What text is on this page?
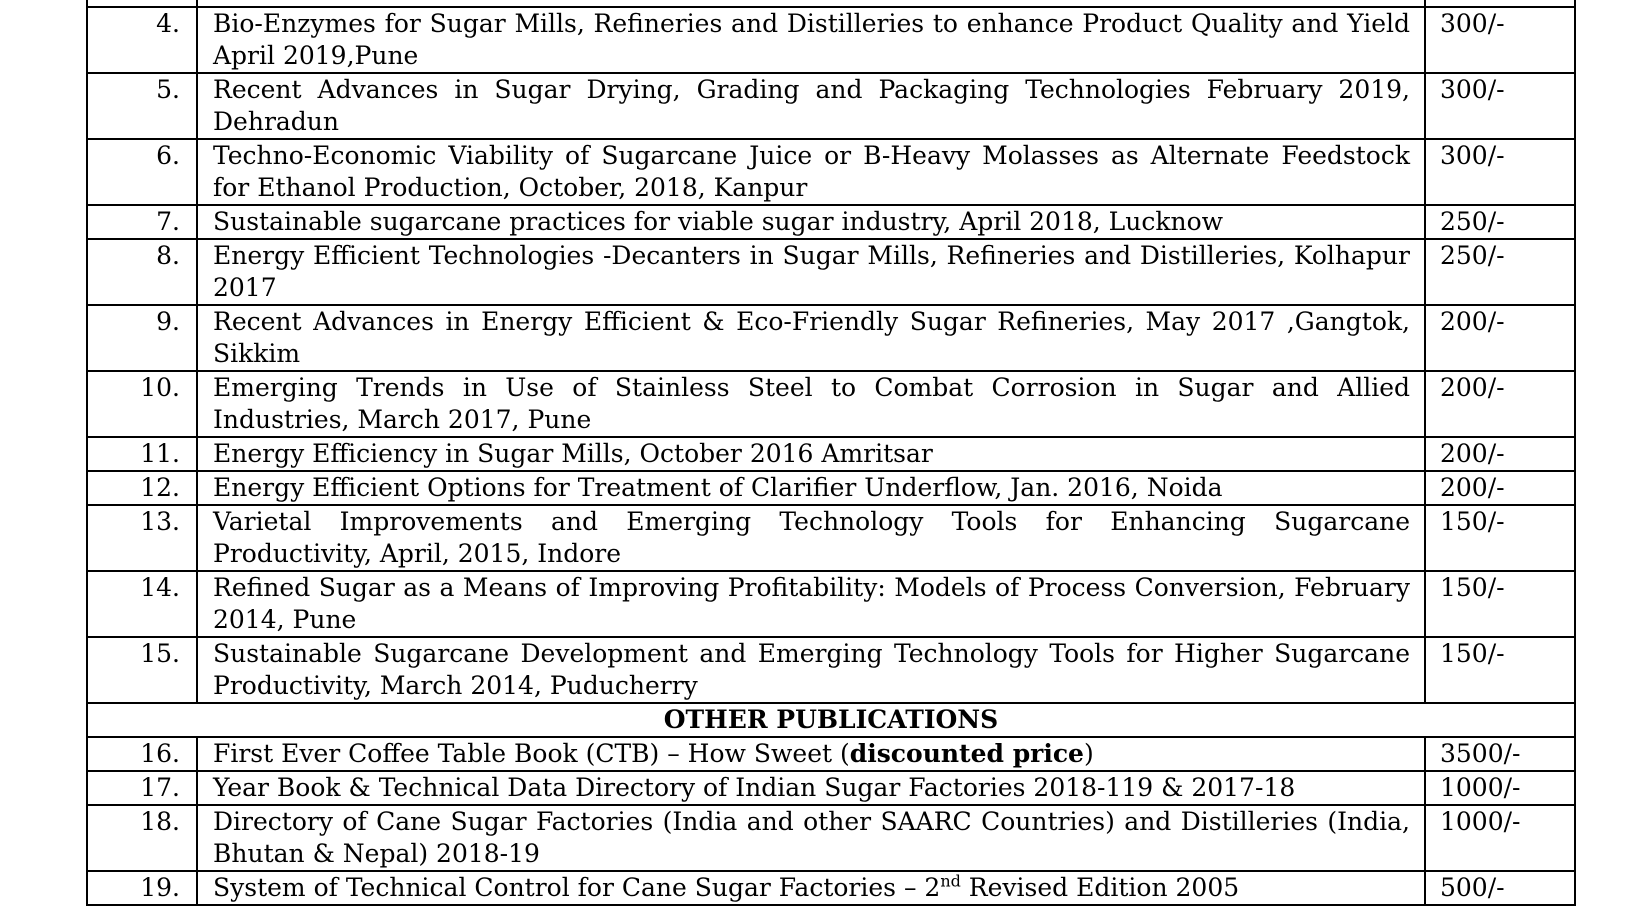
4.	Bio-Enzymes for Sugar Mills, Refineries and Distilleries to enhance Product Quality and Yield April 2019,Pune	300/-
5.	Recent Advances in Sugar Drying, Grading and Packaging Technologies February 2019, Dehradun	300/-
6.	Techno-Economic Viability of Sugarcane Juice or B-Heavy Molasses as Alternate Feedstock for Ethanol Production, October, 2018, Kanpur	300/-
7.	Sustainable sugarcane practices for viable sugar industry, April 2018, Lucknow	250/-
8.	Energy Efficient Technologies -Decanters in Sugar Mills, Refineries and Distilleries, Kolhapur 2017	250/-
9.	Recent Advances in Energy Efficient & Eco-Friendly Sugar Refineries, May 2017 ,Gangtok, Sikkim	200/-
10.	Emerging Trends in Use of Stainless Steel to Combat Corrosion in Sugar and Allied Industries, March 2017, Pune	200/-
11.	Energy Efficiency in Sugar Mills, October 2016 Amritsar	200/-
12.	Energy Efficient Options for Treatment of Clarifier Underflow, Jan. 2016, Noida	200/-
13.	Varietal Improvements and Emerging Technology Tools for Enhancing Sugarcane Productivity, April, 2015, Indore	150/-
14.	Refined Sugar as a Means of Improving Profitability: Models of Process Conversion, February 2014, Pune	150/-
15.	Sustainable Sugarcane Development and Emerging Technology Tools for Higher Sugarcane Productivity, March 2014, Puducherry	150/-
OTHER PUBLICATIONS		
16.	First Ever Coffee Table Book (CTB) – How Sweet (discounted price)	3500/-
17.	Year Book & Technical Data Directory of Indian Sugar Factories 2018-119 & 2017-18	1000/-
18.	Directory of Cane Sugar Factories (India and other SAARC Countries) and Distilleries (India, Bhutan & Nepal) 2018-19	1000/-
19.	System of Technical Control for Cane Sugar Factories – 2nd Revised Edition 2005	500/-
